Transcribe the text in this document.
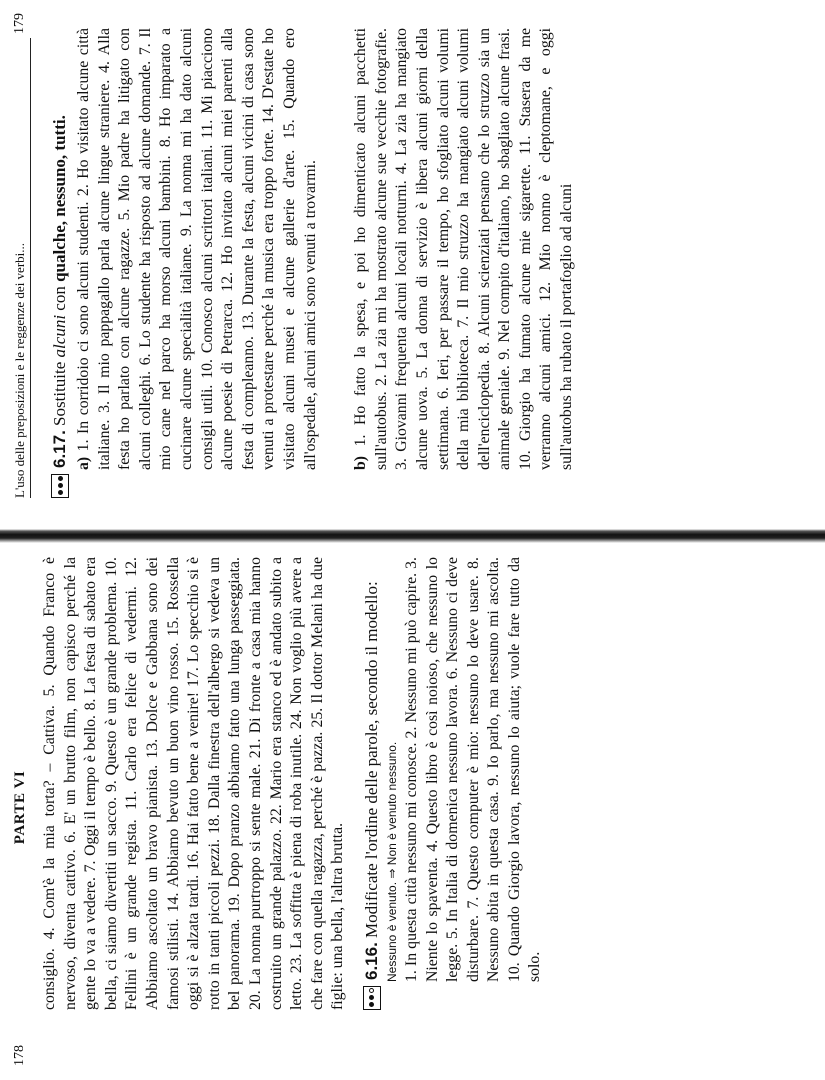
178
PARTE VI consiglio. 4. Com'è la mia torta? – Cattiva. 5. Quando Franco è nervoso, diventa cattivo. 6. E' un brutto film, non capisco perché la gente lo va a vedere. 7. Oggi il tempo è bello. 8. La festa di sabato era bella, ci siamo divertiti un sacco. 9. Questo è un grande problema. 10. Fellini è un grande regista. 11. Carlo era felice di vedermi. 12. Abbiamo ascoltato un bravo pianista. 13. Dolce e Gabbana sono dei famosi stilisti. 14. Abbiamo bevuto un buon vino rosso. 15. Rossella oggi si è alzata tardi. 16. Hai fatto bene a venire! 17. Lo specchio si è rotto in tanti piccoli pezzi. 18. Dalla finestra dell'albergo si vedeva un bel panorama. 19. Dopo pranzo abbiamo fatto una lunga passeggiata. 20. La nonna purtroppo si sente male. 21. Di fronte a casa mia hanno costruito un grande palazzo. 22. Mario era stanco ed è andato subito a letto. 23. La soffitta è piena di roba inutile. 24. Non voglio più avere a che fare con quella ragazza, perché è pazza. 25. Il dottor Melani ha due figlie: una bella, l'altra brutta. 6.16. Modificate l'ordine delle parole, secondo il modello: Nessuno è venuto. ⇒ Non è venuto nessuno. 1. In questa città nessuno mi conosce. 2. Nessuno mi può capire. 3. Niente lo spaventa. 4. Questo libro è così noioso, che nessuno lo legge. 5. In Italia di domenica nessuno lavora. 6. Nessuno ci deve disturbare. 7. Questo computer è mio: nessuno lo deve usare. 8. Nessuno abita in questa casa. 9. Io parlo, ma nessuno mi ascolta. 10. Quando Giorgio lavora, nessuno lo aiuta; vuole fare tutto da solo.
L'uso delle preposizioni e le reggenze dei verbi... 6.17. Sostituite alcuni con qualche, nessuno, tutti.
a) 1. In corridoio ci sono alcuni studenti. 2. Ho visitato alcune città italiane. 3. Il mio pappagallo parla alcune lingue straniere. 4. Alla festa ho parlato con alcune ragazze. 5. Mio padre ha litigato con alcuni colleghi. 6. Lo studente ha risposto ad alcune domande. 7. Il mio cane nel parco ha morso alcuni bambini. 8. Ho imparato a cucinare alcune specialità italiane. 9. La nonna mi ha dato alcuni consigli utili. 10. Conosco alcuni scrittori italiani. 11. Mi piacciono alcune poesie di Petrarca. 12. Ho invitato alcuni miei parenti alla festa di compleanno. 13. Durante la festa, alcuni vicini di casa sono venuti a protestare perché la musica era troppo forte. 14. D'estate ho visitato alcuni musei e alcune gallerie d'arte. 15. Quando ero all'ospedale, alcuni amici sono venuti a trovarmi. b) 1. Ho fatto la spesa, e poi ho dimenticato alcuni pacchetti sull'autobus. 2. La zia mi ha mostrato alcune sue vecchie fotografie. 3. Giovanni frequenta alcuni locali notturni. 4. La zia ha mangiato alcune uova. 5. La donna di servizio è libera alcuni giorni della settimana. 6. Ieri, per passare il tempo, ho sfogliato alcuni volumi della mia biblioteca. 7. Il mio struzzo ha mangiato alcuni volumi dell'enciclopedia. 8. Alcuni scienziati pensano che lo struzzo sia un animale geniale. 9. Nel compito d'italiano, ho sbagliato alcune frasi. 10. Giorgio ha fumato alcune mie sigarette. 11. Stasera da me verranno alcuni amici. 12. Mio nonno è cleptomane, e oggi sull'autobus ha rubato il portafoglio ad alcuni
179
